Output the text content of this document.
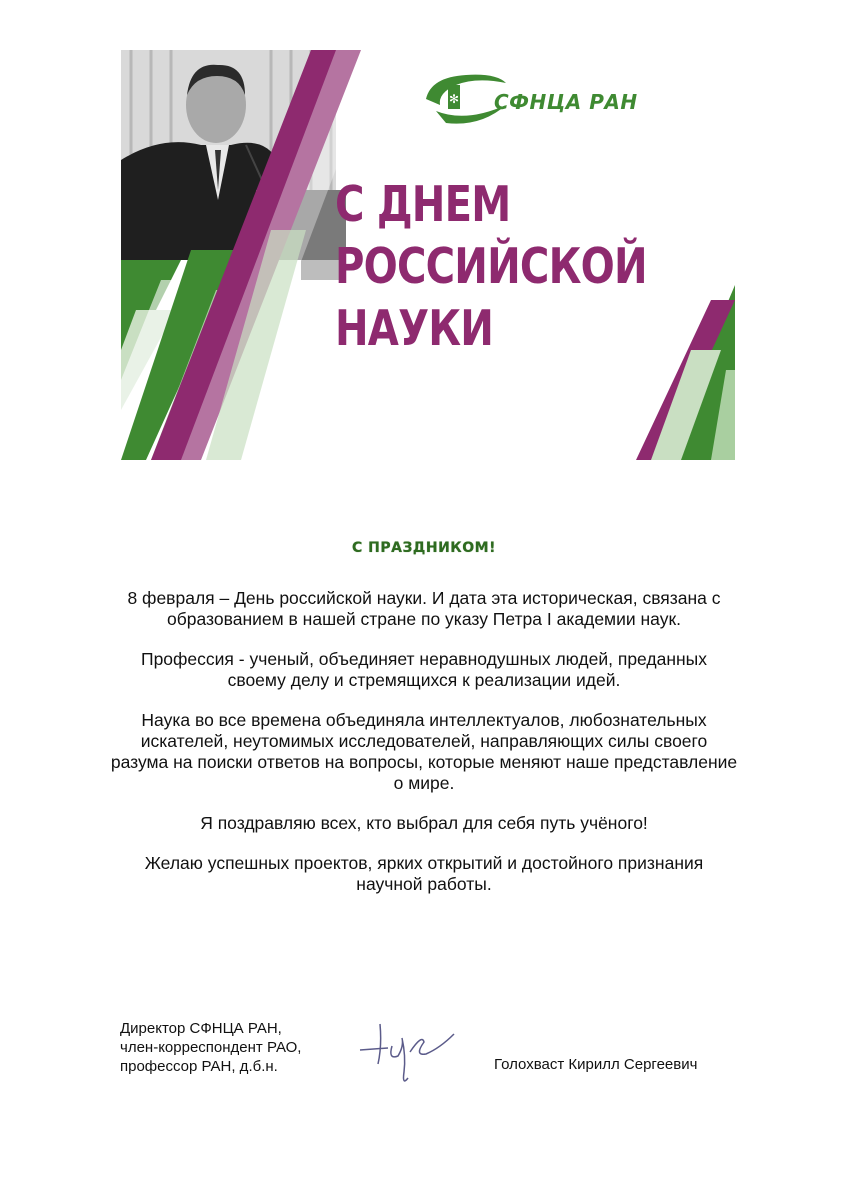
✻ СФНЦА РАН
С ДНЕМ
РОССИЙСКОЙ
НАУКИ
С ПРАЗДНИКОМ!

8 февраля – День российской науки. И дата эта историческая, связана с образованием в нашей стране по указу Петра I академии наук.

Профессия - ученый, объединяет неравнодушных людей, преданных своему делу и стремящихся к реализации идей.

Наука во все времена объединяла интеллектуалов, любознательных искателей, неутомимых исследователей, направляющих силы своего разума на поиски ответов на вопросы, которые меняют наше представление о мире.

Я поздравляю всех, кто выбрал для себя путь учёного!

Желаю успешных проектов, ярких открытий и достойного признания научной работы.

Директор СФНЦА РАН,
член-корреспондент РАО,
профессор РАН, д.б.н.	Голохваст Кирилл Сергеевич
